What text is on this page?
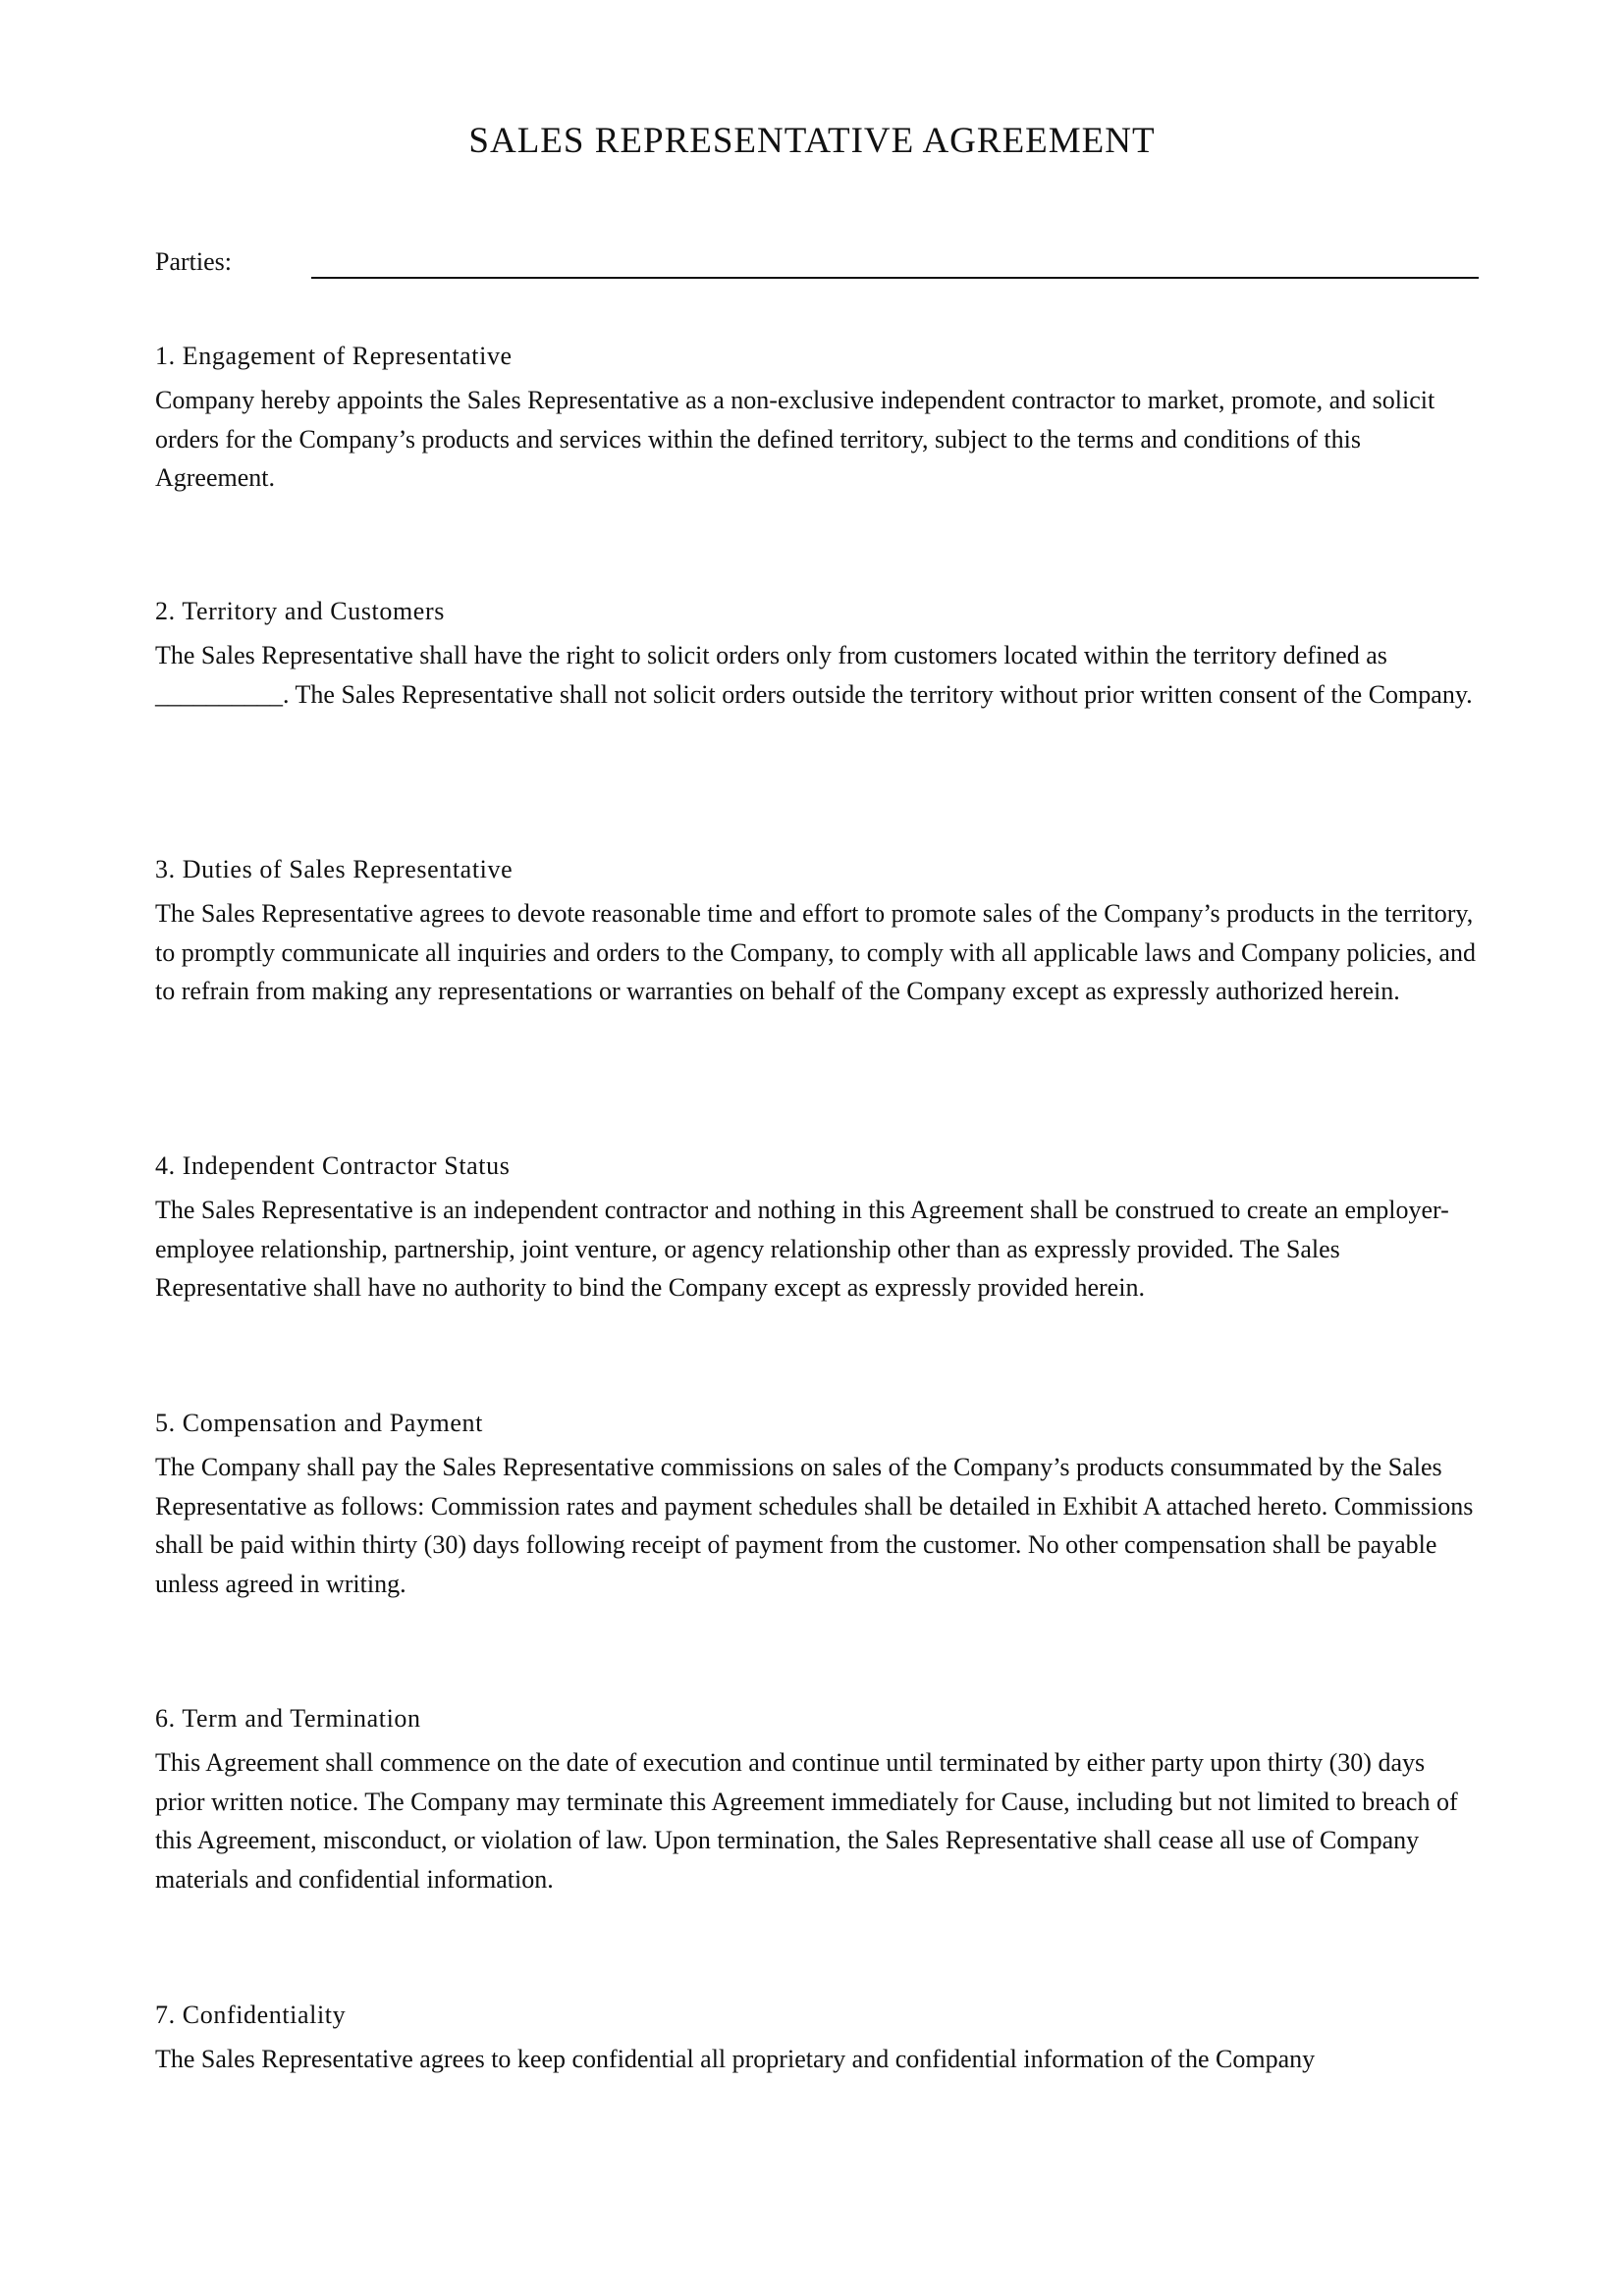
SALES REPRESENTATIVE AGREEMENT
Parties:
1. Engagement of Representative

Company hereby appoints the Sales Representative as a non-exclusive independent contractor to market, promote, and solicit orders for the Company’s products and services within the defined territory, subject to the terms and conditions of this Agreement.

2. Territory and Customers

The Sales Representative shall have the right to solicit orders only from customers located within the territory defined as __________. The Sales Representative shall not solicit orders outside the territory without prior written consent of the Company.

3. Duties of Sales Representative

The Sales Representative agrees to devote reasonable time and effort to promote sales of the Company’s products in the territory, to promptly communicate all inquiries and orders to the Company, to comply with all applicable laws and Company policies, and to refrain from making any representations or warranties on behalf of the Company except as expressly authorized herein.

4. Independent Contractor Status

The Sales Representative is an independent contractor and nothing in this Agreement shall be construed to create an employer-employee relationship, partnership, joint venture, or agency relationship other than as expressly provided. The Sales Representative shall have no authority to bind the Company except as expressly provided herein.

5. Compensation and Payment

The Company shall pay the Sales Representative commissions on sales of the Company’s products consummated by the Sales Representative as follows: Commission rates and payment schedules shall be detailed in Exhibit A attached hereto. Commissions shall be paid within thirty (30) days following receipt of payment from the customer. No other compensation shall be payable unless agreed in writing.

6. Term and Termination

This Agreement shall commence on the date of execution and continue until terminated by either party upon thirty (30) days prior written notice. The Company may terminate this Agreement immediately for Cause, including but not limited to breach of this Agreement, misconduct, or violation of law. Upon termination, the Sales Representative shall cease all use of Company materials and confidential information.

7. Confidentiality

The Sales Representative agrees to keep confidential all proprietary and confidential information of the Company
